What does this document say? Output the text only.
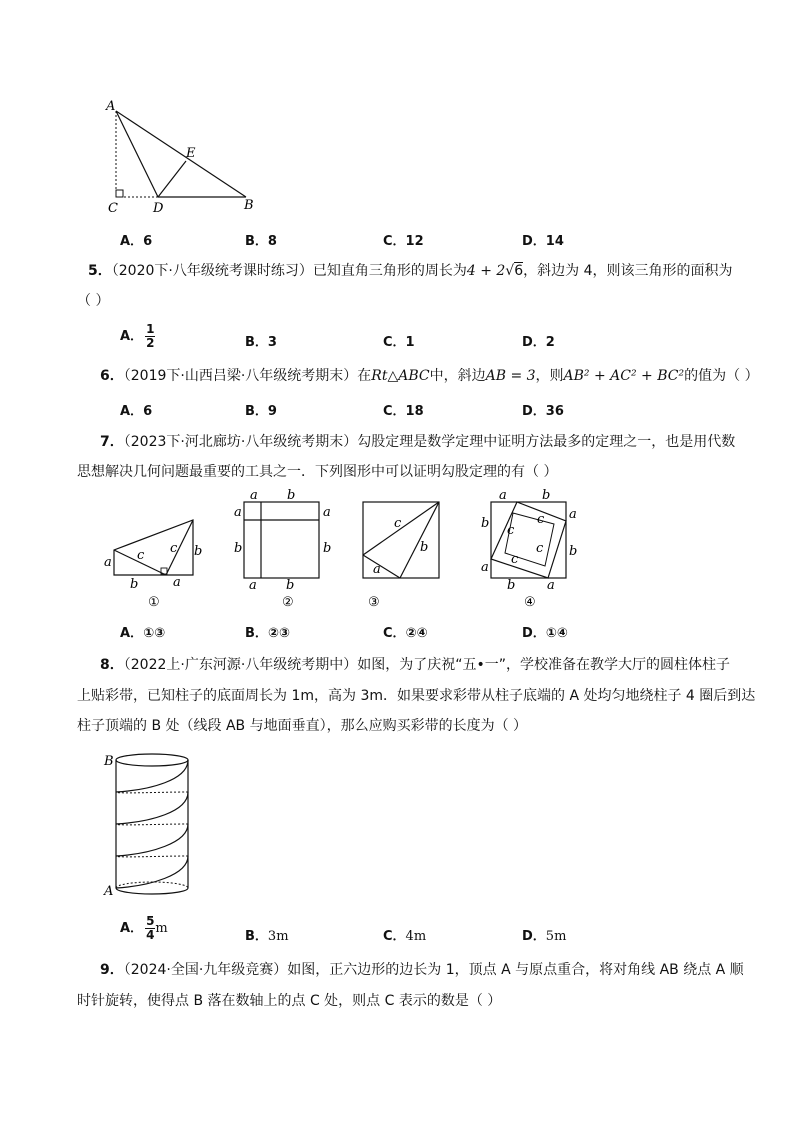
A
E
C	D	B
A．6	B．8	C．12	D．14
5．（2020下·八年级统考课时练习）已知直角三角形的周长为4 + 2√6，斜边为 4，则该三角形的面积为
（ ）
A． $\frac{1}{2}$	B．3	C．1	D．2
6．（2019下·山西吕梁·八年级统考期末）在Rt△ABC中，斜边AB = 3，则AB² + AC² + BC²的值为（ ）
A．6	B．9	C．18	D．36
7．（2023下·河北廊坊·八年级统考期末）勾股定理是数学定理中证明方法最多的定理之一，也是用代数
思想解决几何问题最重要的工具之一．下列图形中可以证明勾股定理的有（ ）
a c c b
b	a
①
a b
a	a
b	b
a b
②
c
b
a
③
a	b
b
a
a
b
b a
c
c
c
c
④
A．①③	B．②③	C．②④	D．①④
8．（2022上·广东河源·八年级统考期中）如图，为了庆祝“五•一”，学校准备在教学大厅的圆柱体柱子
上贴彩带，已知柱子的底面周长为 1m，高为 3m．如果要求彩带从柱子底端的 A 处均匀地绕柱子 4 圈后到达
柱子顶端的 B 处（线段 AB 与地面垂直），那么应购买彩带的长度为（ ）
B
A
A． $\frac{5}{4}$ m
B．3m	C．4m	D．5m
9．（2024·全国·九年级竞赛）如图，正六边形的边长为 1，顶点 A 与原点重合，将对角线 AB 绕点 A 顺
时针旋转，使得点 B 落在数轴上的点 C 处，则点 C 表示的数是（ ）
